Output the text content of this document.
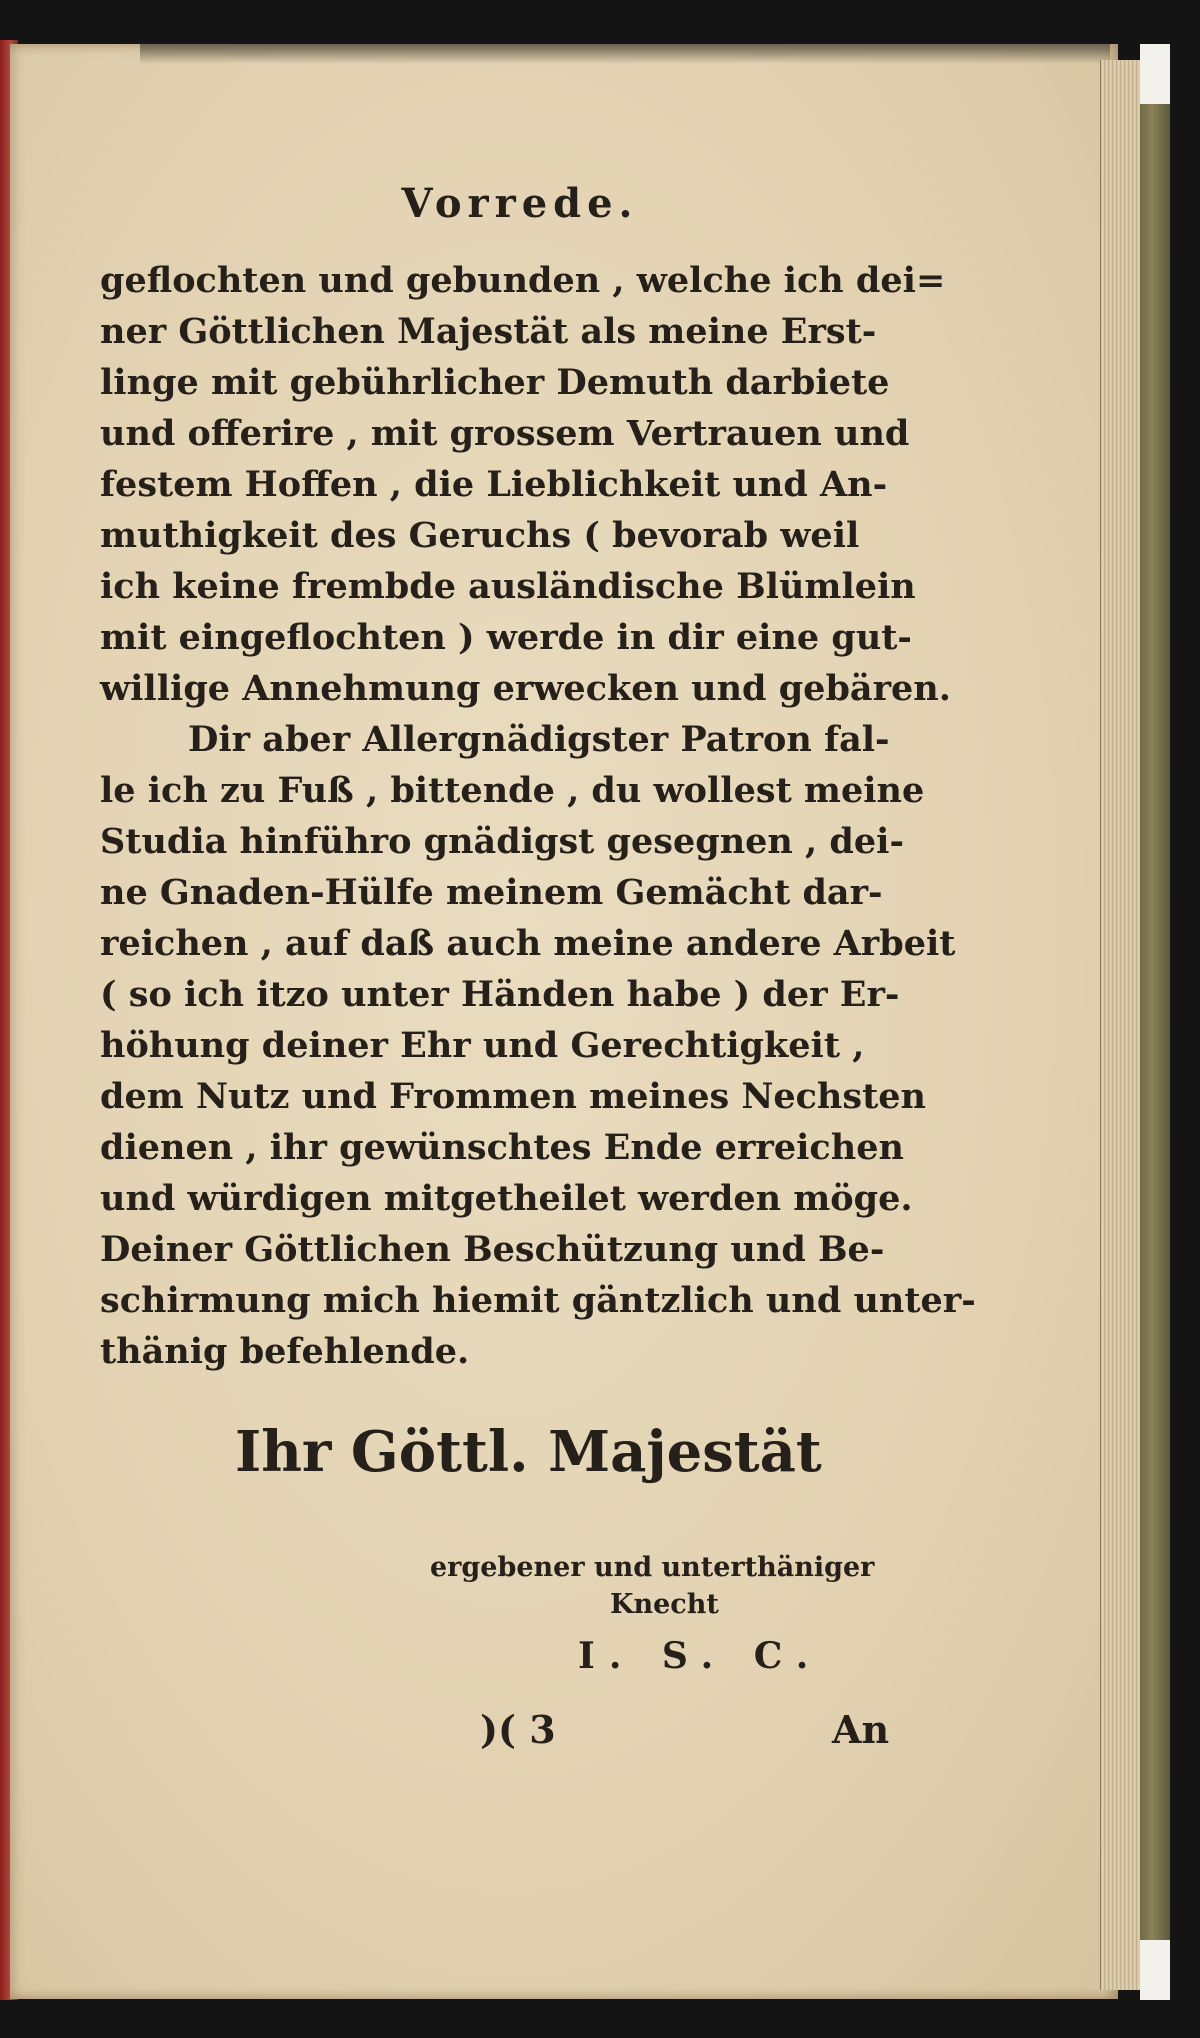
Vorrede.
geflochten und gebunden , welche ich dei=
ner Göttlichen Majestät als meine Erst-
linge mit gebührlicher Demuth darbiete
und offerire , mit grossem Vertrauen und
festem Hoffen , die Lieblichkeit und An-
muthigkeit des Geruchs ( bevorab weil
ich keine frembde ausländische Blümlein
mit eingeflochten ) werde in dir eine gut-
willige Annehmung erwecken und gebären.
Dir aber Allergnädigster Patron fal-
le ich zu Fuß , bittende , du wollest meine
Studia hinführo gnädigst gesegnen , dei-
ne Gnaden-Hülfe meinem Gemächt dar-
reichen , auf daß auch meine andere Arbeit
( so ich itzo unter Händen habe ) der Er-
höhung deiner Ehr und Gerechtigkeit ,
dem Nutz und Frommen meines Nechsten
dienen , ihr gewünschtes Ende erreichen
und würdigen mitgetheilet werden möge.
Deiner Göttlichen Beschützung und Be-
schirmung mich hiemit gäntzlich und unter-
thänig befehlende.
Ihr Göttl. Majestät
ergebener und unterthäniger
Knecht
I. S. C.
)( 3	An
